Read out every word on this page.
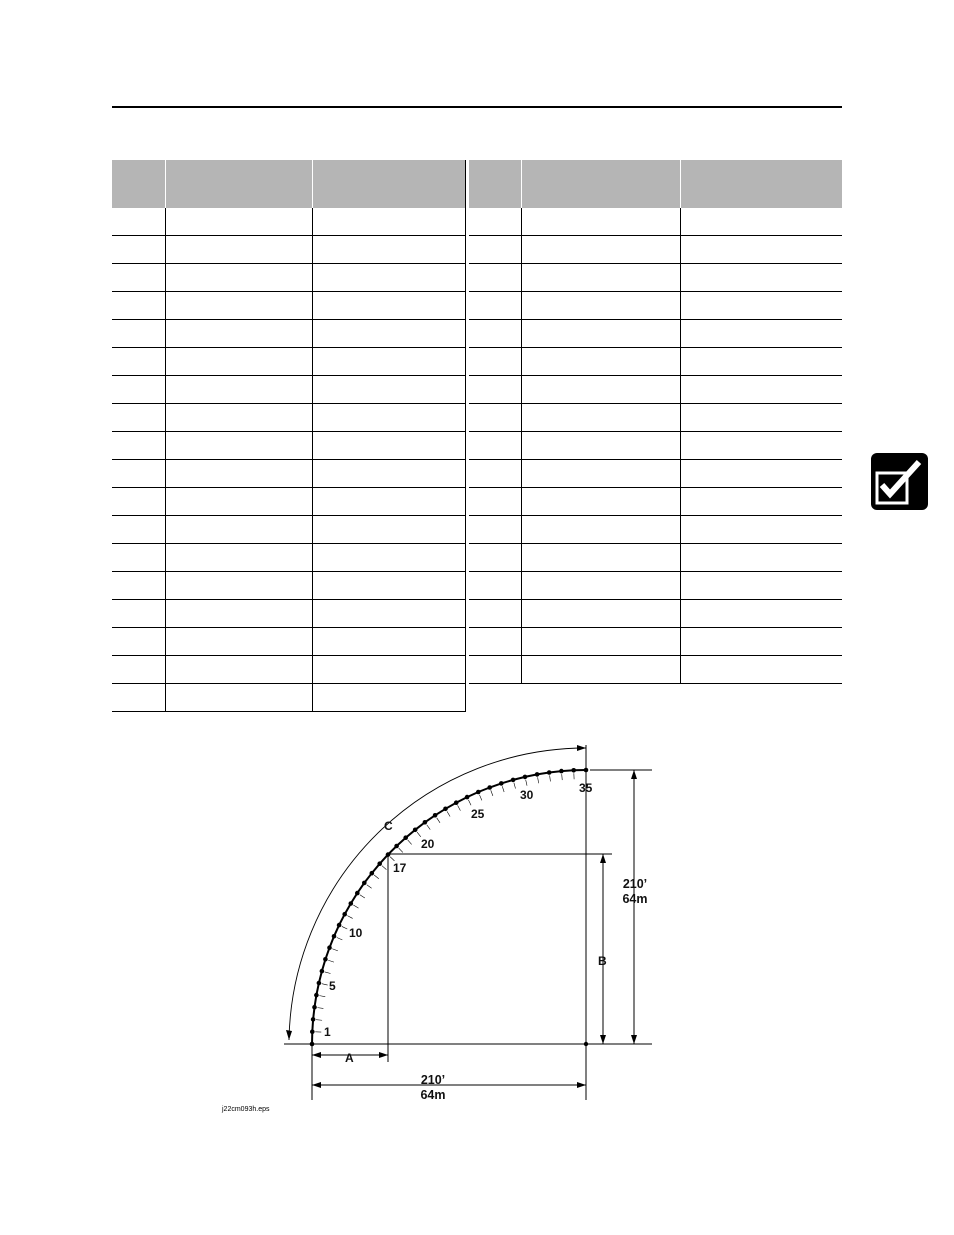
1
5
10
17
20
25
30	35
C
A
B
210’
64m
210’
64m
j22cm093h.eps
